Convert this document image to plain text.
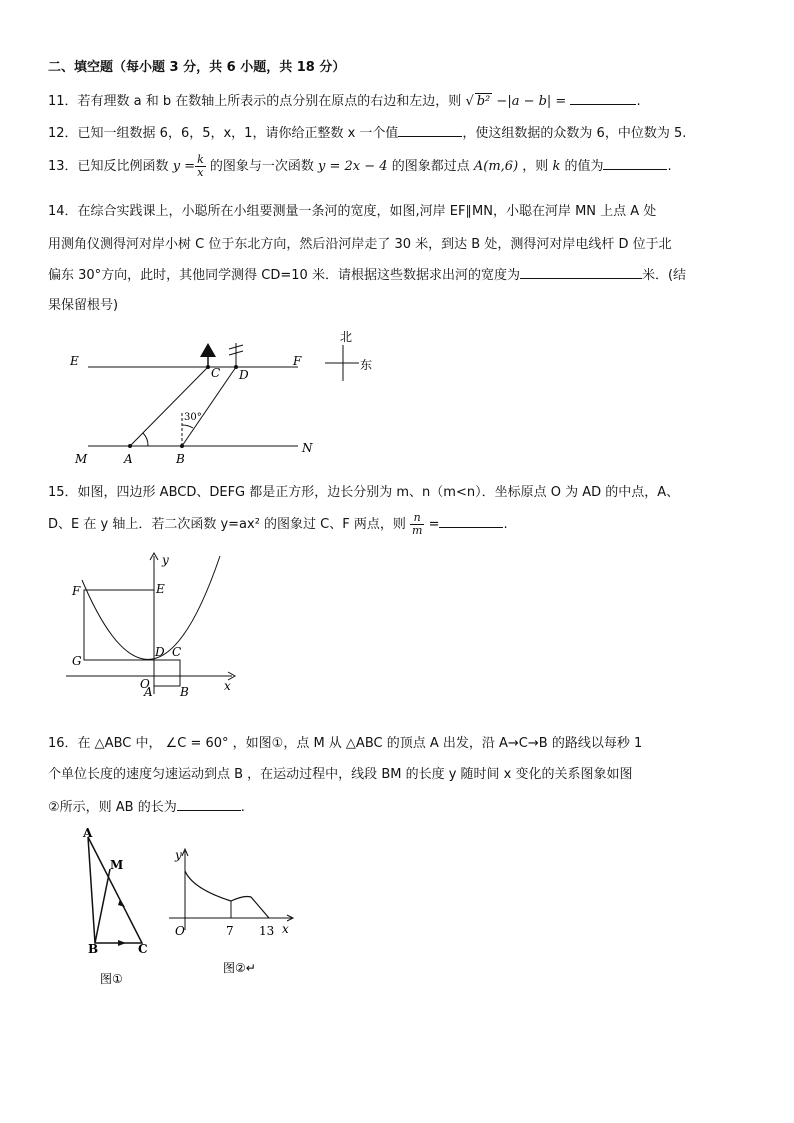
二、填空题（每小题 3 分，共 6 小题，共 18 分）
11．若有理数 a 和 b 在数轴上所表示的点分别在原点的右边和左边，则 √ b² −|a − b| =	.
12．已知一组数据 6，6，5，x，1，请你给正整数 x 一个值	，使这组数据的众数为 6，中位数为 5.
13．已知反比例函数 $y = \frac{k}{x}$ 的图象与一次函数 y = 2x − 4 的图象都过点 A(m,6) ，则 k 的值为	.
14．在综合实践课上，小聪所在小组要测量一条河的宽度，如图,河岸 EF∥MN，小聪在河岸 MN 上点 A 处
用测角仪测得河对岸小树 C 位于东北方向，然后沿河岸走了 30 米，到达 B 处，测得河对岸电线杆 D 位于北
偏东 30°方向，此时，其他同学测得 CD=10 米．请根据这些数据求出河的宽度为	米．(结
果保留根号)
E	F
C D
M	A	B
N
30°
北
东
15．如图，四边形 ABCD、DEFG 都是正方形，边长分别为 m、n（m<n）．坐标原点 O 为 AD 的中点，A、
D、E 在 y 轴上．若二次函数 y=ax² 的图象过 C、F 两点，则 $\frac{n}{m}$ =	.
y
x
E
F
G
D C
O
A B
16．在 △ABC 中， ∠C = 60° ，如图①，点 M 从 △ABC 的顶点 A 出发，沿 A→C→B 的路线以每秒 1
个单位长度的速度匀速运动到点 B ，在运动过程中，线段 BM 的长度 y 随时间 x 变化的关系图象如图
②所示，则 AB 的长为	.
A
M
B	C
图①
y
O	7 13 x
图②↵
